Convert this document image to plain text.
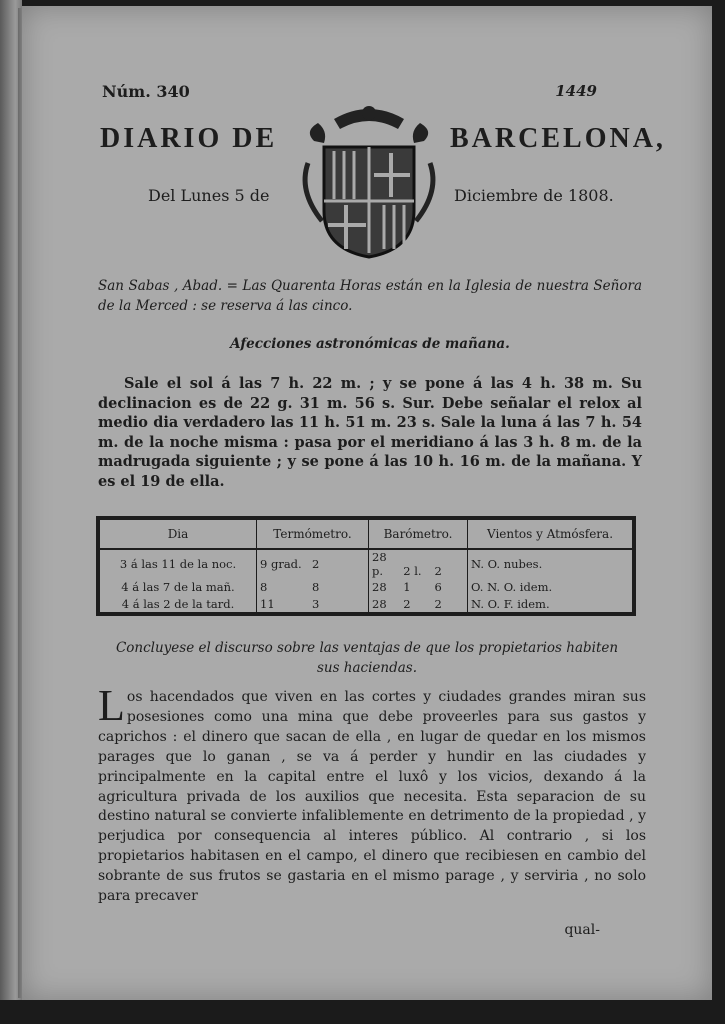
Núm. 340	1449

DIARIO DE	BARCELONA,

Del Lunes 5 de	Diciembre de 1808.

San Sabas , Abad. = Las Quarenta Horas están en la Iglesia de nuestra Señora de la Merced : se reserva á las cinco.

Afecciones astronómicas de mañana.

Sale el sol á las 7 h. 22 m. ; y se pone á las 4 h. 38 m. Su declinacion es de 22 g. 31 m. 56 s. Sur. Debe señalar el relox al medio dia verdadero las 11 h. 51 m. 23 s. Sale la luna á las 7 h. 54 m. de la noche misma : pasa por el meridiano á las 3 h. 8 m. de la madrugada siguiente ; y se pone á las 10 h. 16 m. de la mañana. Y es el 19 de ella.

Dia	Termómetro.	Barómetro.	Vientos y Atmósfera.
3 á las 11 de la noc.	9 grad. 2	28 p. 2 l. 2	N. O. nubes.
4 á las 7 de la mañ.	8 8	28 1 6	O. N. O. idem.
4 á las 2 de la tard.	11 3	28 2 2	N. O. F. idem.

Concluyese el discurso sobre las ventajas de que los propietarios habiten sus haciendas.

Los hacendados que viven en las cortes y ciudades grandes miran sus posesiones como una mina que debe proveerles para sus gastos y caprichos : el dinero que sacan de ella , en lugar de quedar en los mismos parages que lo ganan , se va á perder y hundir en las ciudades y principalmente en la capital entre el luxô y los vicios, dexando á la agricultura privada de los auxilios que necesita. Esta separacion de su destino natural se convierte infaliblemente en detrimento de la propiedad , y perjudica por consequencia al interes público. Al contrario , si los propietarios habitasen en el campo, el dinero que recibiesen en cambio del sobrante de sus frutos se gastaria en el mismo parage , y serviria , no solo para precaver

qual-
